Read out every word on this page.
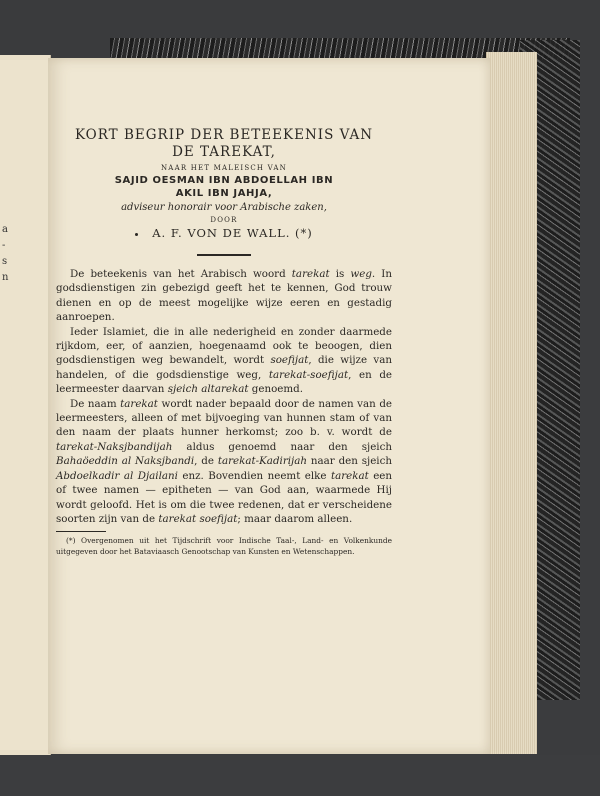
a
-
s
n
KORT BEGRIP DER BETEEKENIS VAN
DE TAREKAT,
NAAR HET MALEISCH VAN
SAJID OESMAN IBN ABDOELLAH IBN
AKIL IBN JAHJA,
adviseur honorair voor Arabische zaken,
DOOR
A. F. VON DE WALL. (*)

De beteekenis van het Arabisch woord tarekat is weg. In godsdienstigen zin gebezigd geeft het te kennen, God trouw dienen en op de meest mogelijke wijze eeren en gestadig aanroepen.

Ieder Islamiet, die in alle nederigheid en zonder daarmede rijkdom, eer, of aanzien, hoegenaamd ook te beoogen, dien godsdienstigen weg bewandelt, wordt soefijat, die wijze van handelen, of die godsdienstige weg, tarekat-soefijat, en de leermeester daarvan sjeich altarekat genoemd.

De naam tarekat wordt nader bepaald door de namen van de leermeesters, alleen of met bijvoeging van hunnen stam of van den naam der plaats hunner herkomst; zoo b. v. wordt de tarekat-Naksjbandijah aldus genoemd naar den sjeich Bahaöeddin al Naksjbandi, de tarekat-Kadirijah naar den sjeich Abdoelkadir al Djailani enz. Bovendien neemt elke tarekat een of twee namen — epitheten — van God aan, waarmede Hij wordt geloofd. Het is om die twee redenen, dat er verscheidene soorten zijn van de tarekat soefijat; maar daarom alleen.

(*) Overgenomen uit het Tijdschrift voor Indische Taal-, Land- en Volkenkunde uitgegeven door het Bataviaasch Genootschap van Kunsten en Wetenschappen.
